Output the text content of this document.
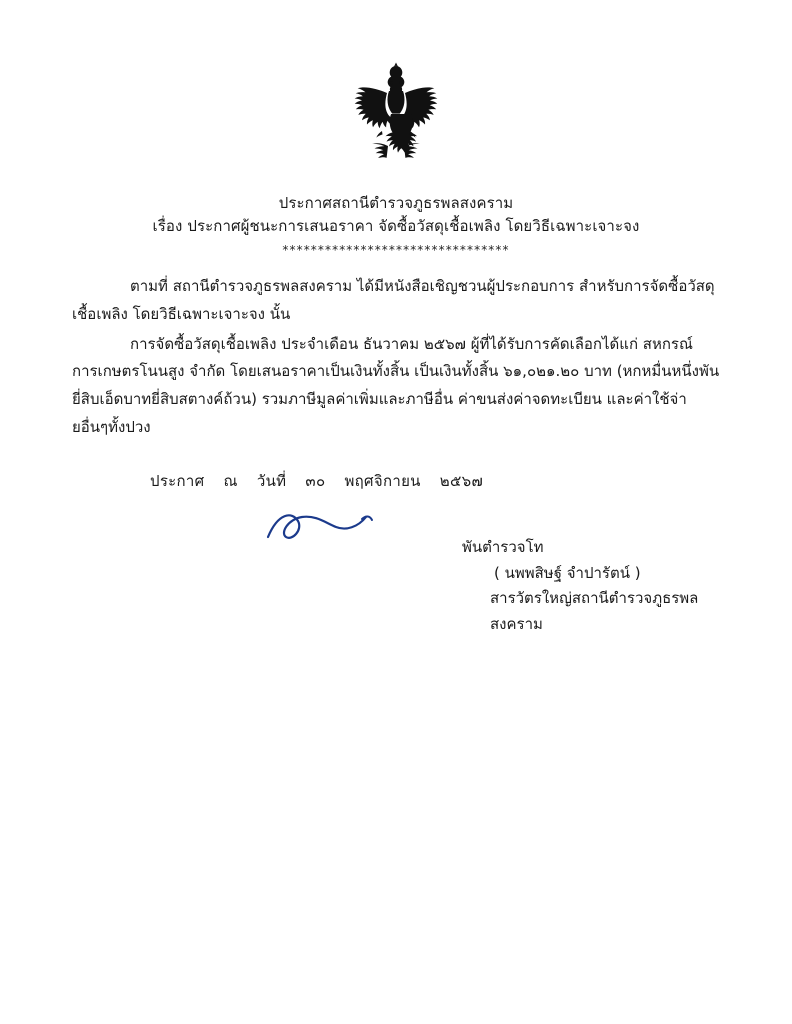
ประกาศสถานีตำรวจภูธรพลสงคราม
เรื่อง ประกาศผู้ชนะการเสนอราคา จัดซื้อวัสดุเชื้อเพลิง โดยวิธีเฉพาะเจาะจง
********************************

ตามที่ สถานีตำรวจภูธรพลสงคราม ได้มีหนังสือเชิญชวนผู้ประกอบการ สำหรับการจัดซื้อวัสดุเชื้อเพลิง โดยวิธีเฉพาะเจาะจง นั้น

การจัดซื้อวัสดุเชื้อเพลิง ประจำเดือน ธันวาคม ๒๕๖๗ ผู้ที่ได้รับการคัดเลือกได้แก่ สหกรณ์การเกษตรโนนสูง จำกัด โดยเสนอราคาเป็นเงินทั้งสิ้น เป็นเงินทั้งสิ้น ๖๑,๐๒๑.๒๐ บาท (หกหมื่นหนึ่งพันยี่สิบเอ็ดบาทยี่สิบสตางค์ถ้วน) รวมภาษีมูลค่าเพิ่มและภาษีอื่น ค่าขนส่งค่าจดทะเบียน และค่าใช้จ่ายอื่นๆทั้งปวง

ประกาศ ณ วันที่ ๓๐ พฤศจิกายน ๒๕๖๗
พันตำรวจโท
( นพพสิษฐ์ จำปารัตน์ )
สารวัตรใหญ่สถานีตำรวจภูธรพลสงคราม
